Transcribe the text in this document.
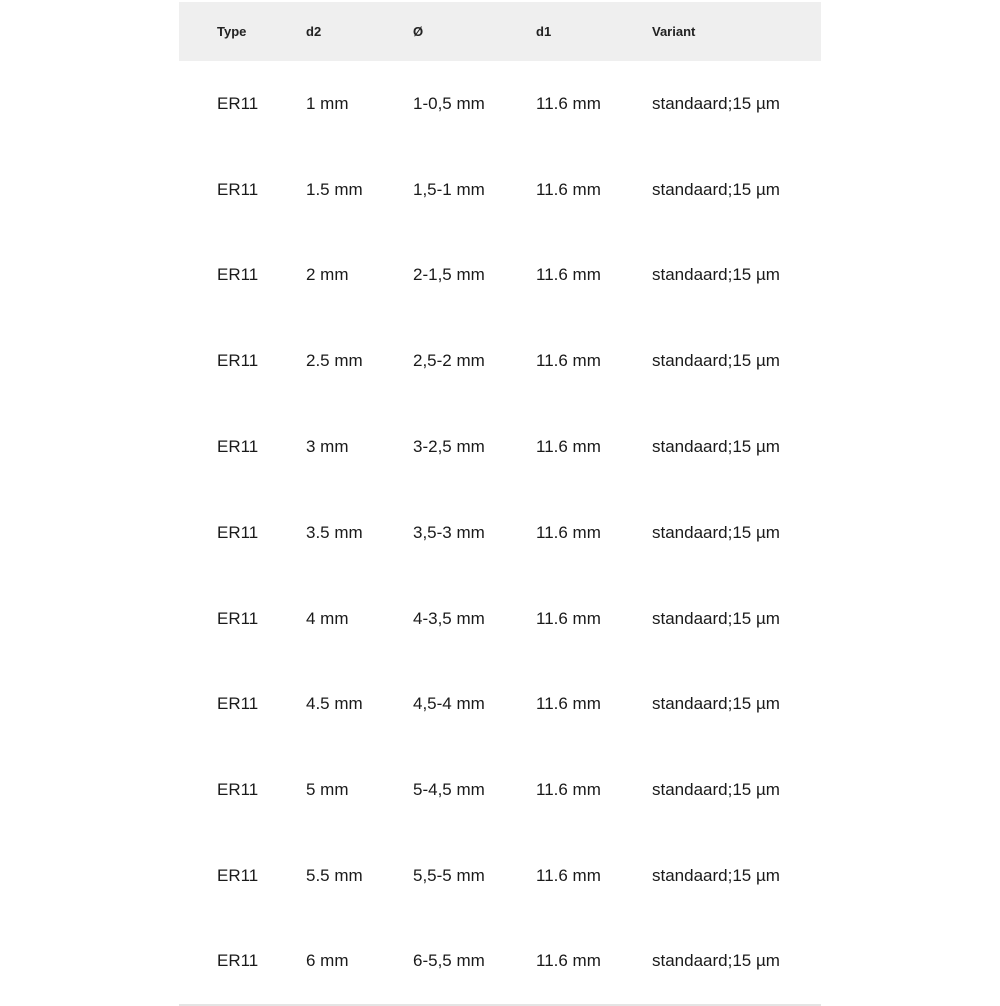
Type	d2	Ø	d1	Variant
ER11	1 mm	1-0,5 mm	11.6 mm	standaard;15 µm
ER11	1.5 mm	1,5-1 mm	11.6 mm	standaard;15 µm
ER11	2 mm	2-1,5 mm	11.6 mm	standaard;15 µm
ER11	2.5 mm	2,5-2 mm	11.6 mm	standaard;15 µm
ER11	3 mm	3-2,5 mm	11.6 mm	standaard;15 µm
ER11	3.5 mm	3,5-3 mm	11.6 mm	standaard;15 µm
ER11	4 mm	4-3,5 mm	11.6 mm	standaard;15 µm
ER11	4.5 mm	4,5-4 mm	11.6 mm	standaard;15 µm
ER11	5 mm	5-4,5 mm	11.6 mm	standaard;15 µm
ER11	5.5 mm	5,5-5 mm	11.6 mm	standaard;15 µm
ER11	6 mm	6-5,5 mm	11.6 mm	standaard;15 µm
